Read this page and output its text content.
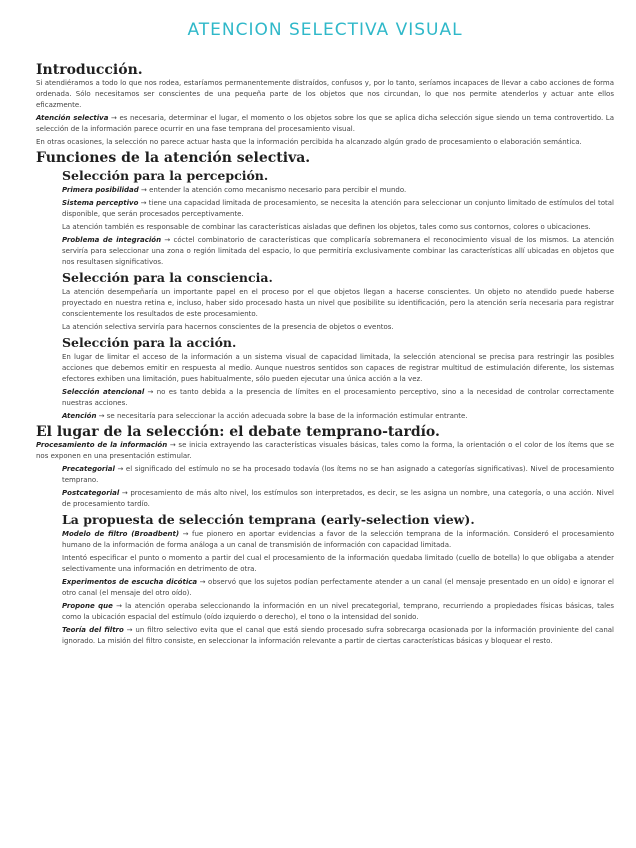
ATENCION SELECTIVA VISUAL
Introducción.

Si atendiéramos a todo lo que nos rodea, estaríamos permanentemente distraídos, confusos y, por lo tanto, seríamos incapaces de llevar a cabo acciones de forma ordenada. Sólo necesitamos ser conscientes de una pequeña parte de los objetos que nos circundan, lo que nos permite atenderlos y actuar ante ellos eficazmente.

Atención selectiva → es necesaria, determinar el lugar, el momento o los objetos sobre los que se aplica dicha selección sigue siendo un tema controvertido. La selección de la información parece ocurrir en una fase temprana del procesamiento visual.

En otras ocasiones, la selección no parece actuar hasta que la información percibida ha alcanzado algún grado de procesamiento o elaboración semántica.

Funciones de la atención selectiva.
Selección para la percepción.

Primera posibilidad → entender la atención como mecanismo necesario para percibir el mundo.

Sistema perceptivo → tiene una capacidad limitada de procesamiento, se necesita la atención para seleccionar un conjunto limitado de estímulos del total disponible, que serán procesados perceptivamente.

La atención también es responsable de combinar las características aisladas que definen los objetos, tales como sus contornos, colores o ubicaciones.

Problema de integración → cóctel combinatorio de características que complicaría sobremanera el reconocimiento visual de los mismos. La atención serviría para seleccionar una zona o región limitada del espacio, lo que permitiría exclusivamente combinar las características allí ubicadas en objetos que nos resultasen significativos.

Selección para la consciencia.

La atención desempeñaría un importante papel en el proceso por el que objetos llegan a hacerse conscientes. Un objeto no atendido puede haberse proyectado en nuestra retina e, incluso, haber sido procesado hasta un nivel que posibilite su identificación, pero la atención sería necesaria para registrar conscientemente los resultados de este procesamiento.

La atención selectiva serviría para hacernos conscientes de la presencia de objetos o eventos.

Selección para la acción.

En lugar de limitar el acceso de la información a un sistema visual de capacidad limitada, la selección atencional se precisa para restringir las posibles acciones que debemos emitir en respuesta al medio. Aunque nuestros sentidos son capaces de registrar multitud de estimulación diferente, los sistemas efectores exhiben una limitación, pues habitualmente, sólo pueden ejecutar una única acción a la vez.

Selección atencional → no es tanto debida a la presencia de límites en el procesamiento perceptivo, sino a la necesidad de controlar correctamente nuestras acciones.

Atención → se necesitaría para seleccionar la acción adecuada sobre la base de la información estimular entrante.

El lugar de la selección: el debate temprano-tardío.

Procesamiento de la información → se inicia extrayendo las características visuales básicas, tales como la forma, la orientación o el color de los ítems que se nos exponen en una presentación estimular.

Precategorial → el significado del estímulo no se ha procesado todavía (los ítems no se han asignado a categorías significativas). Nivel de procesamiento temprano.

Postcategorial → procesamiento de más alto nivel, los estímulos son interpretados, es decir, se les asigna un nombre, una categoría, o una acción. Nivel de procesamiento tardío.

La propuesta de selección temprana (early-selection view).

Modelo de filtro (Broadbent) → fue pionero en aportar evidencias a favor de la selección temprana de la información. Consideró el procesamiento humano de la información de forma análoga a un canal de transmisión de información con capacidad limitada.

Intentó especificar el punto o momento a partir del cual el procesamiento de la información quedaba limitado (cuello de botella) lo que obligaba a atender selectivamente una información en detrimento de otra.

Experimentos de escucha dicótica → observó que los sujetos podían perfectamente atender a un canal (el mensaje presentado en un oído) e ignorar el otro canal (el mensaje del otro oído).

Propone que → la atención operaba seleccionando la información en un nivel precategorial, temprano, recurriendo a propiedades físicas básicas, tales como la ubicación espacial del estímulo (oído izquierdo o derecho), el tono o la intensidad del sonido.

Teoría del filtro → un filtro selectivo evita que el canal que está siendo procesado sufra sobrecarga ocasionada por la información proviniente del canal ignorado. La misión del filtro consiste, en seleccionar la información relevante a partir de ciertas características básicas y bloquear el resto.
